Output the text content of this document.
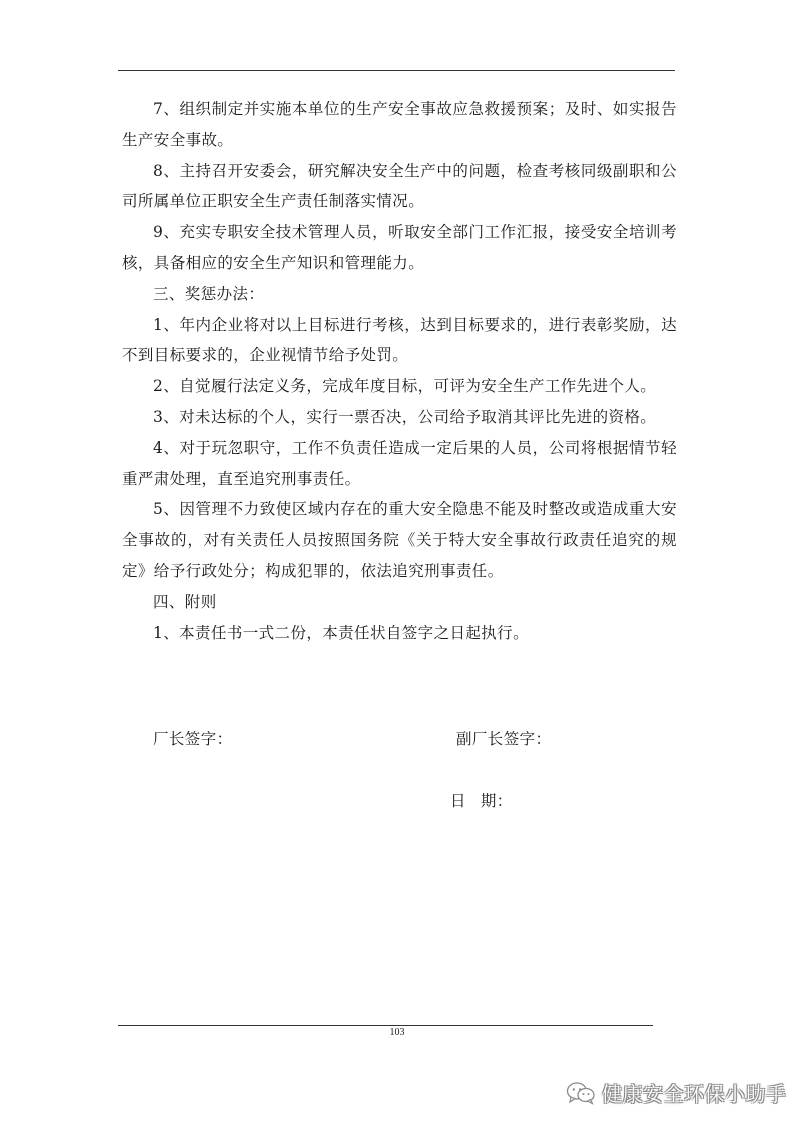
7、组织制定并实施本单位的生产安全事故应急救援预案；及时、如实报告生产安全事故。

8、主持召开安委会，研究解决安全生产中的问题，检查考核同级副职和公司所属单位正职安全生产责任制落实情况。

9、充实专职安全技术管理人员，听取安全部门工作汇报，接受安全培训考核，具备相应的安全生产知识和管理能力。

三、奖惩办法：

1、年内企业将对以上目标进行考核，达到目标要求的，进行表彰奖励，达不到目标要求的，企业视情节给予处罚。

2、自觉履行法定义务，完成年度目标，可评为安全生产工作先进个人。

3、对未达标的个人，实行一票否决，公司给予取消其评比先进的资格。

4、对于玩忽职守，工作不负责任造成一定后果的人员，公司将根据情节轻重严肃处理，直至追究刑事责任。

5、因管理不力致使区域内存在的重大安全隐患不能及时整改或造成重大安全事故的，对有关责任人员按照国务院《关于特大安全事故行政责任追究的规定》给予行政处分；构成犯罪的，依法追究刑事责任。

四、附则

1、本责任书一式二份，本责任状自签字之日起执行。

厂长签字：	副厂长签字：
日 期：
103
健康安全环保小助手
